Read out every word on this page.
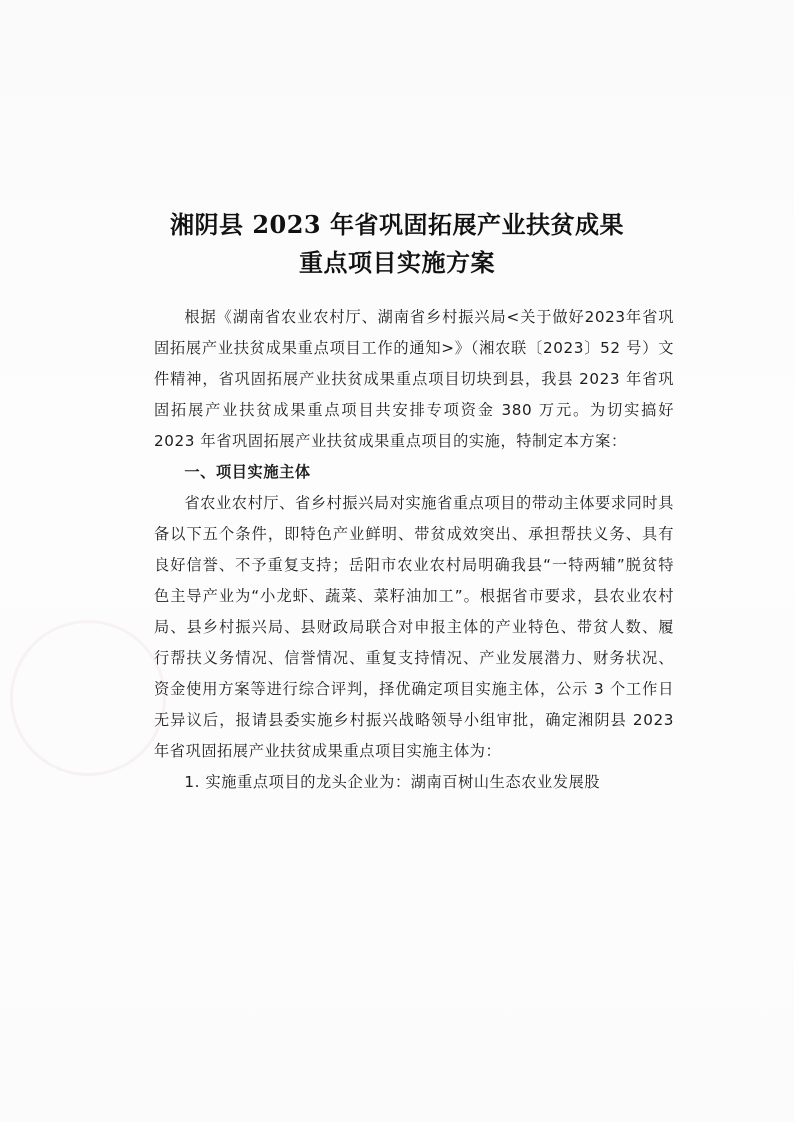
湘阴县 2023 年省巩固拓展产业扶贫成果
重点项目实施方案

根据《湖南省农业农村厅、湖南省乡村振兴局<关于做好2023年省巩固拓展产业扶贫成果重点项目工作的通知>》（湘农联〔2023〕52 号）文件精神，省巩固拓展产业扶贫成果重点项目切块到县，我县 2023 年省巩固拓展产业扶贫成果重点项目共安排专项资金 380 万元。为切实搞好 2023 年省巩固拓展产业扶贫成果重点项目的实施，特制定本方案：

一、项目实施主体

省农业农村厅、省乡村振兴局对实施省重点项目的带动主体要求同时具备以下五个条件，即特色产业鲜明、带贫成效突出、承担帮扶义务、具有良好信誉、不予重复支持；岳阳市农业农村局明确我县“一特两辅”脱贫特色主导产业为“小龙虾、蔬菜、菜籽油加工”。根据省市要求，县农业农村局、县乡村振兴局、县财政局联合对申报主体的产业特色、带贫人数、履行帮扶义务情况、信誉情况、重复支持情况、产业发展潜力、财务状况、资金使用方案等进行综合评判，择优确定项目实施主体，公示 3 个工作日无异议后，报请县委实施乡村振兴战略领导小组审批，确定湘阴县 2023 年省巩固拓展产业扶贫成果重点项目实施主体为：

1. 实施重点项目的龙头企业为：湖南百树山生态农业发展股
